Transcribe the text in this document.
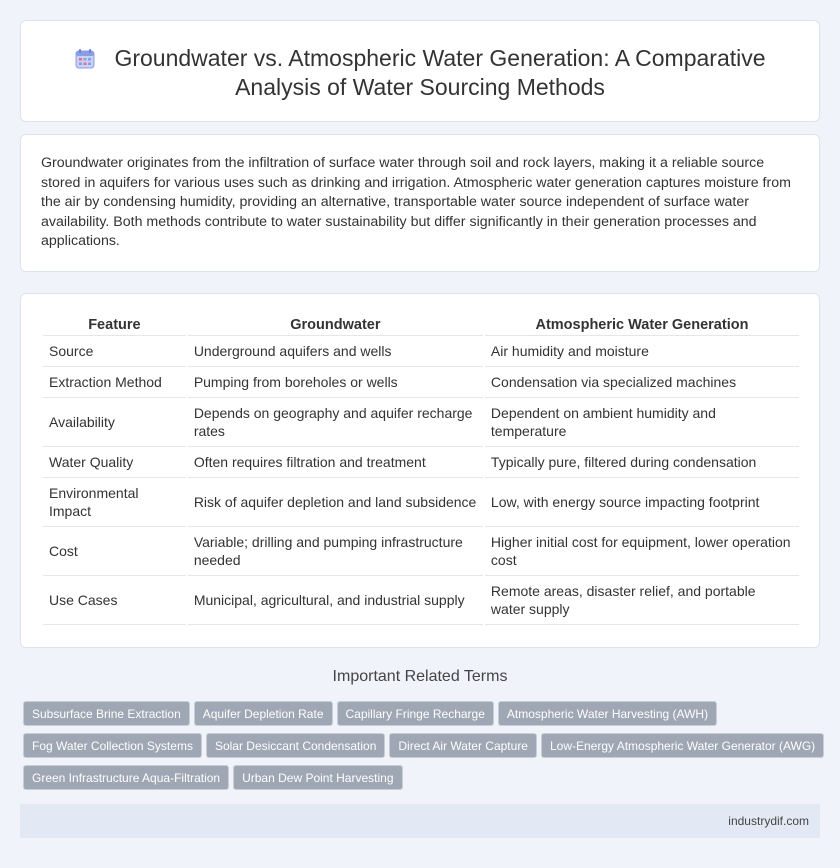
Groundwater vs. Atmospheric Water Generation: A Comparative Analysis of Water Sourcing Methods

Groundwater originates from the infiltration of surface water through soil and rock layers, making it a reliable source stored in aquifers for various uses such as drinking and irrigation. Atmospheric water generation captures moisture from the air by condensing humidity, providing an alternative, transportable water source independent of surface water availability. Both methods contribute to water sustainability but differ significantly in their generation processes and applications.

Feature	Groundwater	Atmospheric Water Generation
Source	Underground aquifers and wells	Air humidity and moisture
Extraction Method	Pumping from boreholes or wells	Condensation via specialized machines
Availability	Depends on geography and aquifer recharge rates	Dependent on ambient humidity and temperature
Water Quality	Often requires filtration and treatment	Typically pure, filtered during condensation
Environmental Impact	Risk of aquifer depletion and land subsidence	Low, with energy source impacting footprint
Cost	Variable; drilling and pumping infrastructure needed	Higher initial cost for equipment, lower operation cost
Use Cases	Municipal, agricultural, and industrial supply	Remote areas, disaster relief, and portable water supply
Important Related Terms
Subsurface Brine Extraction Aquifer Depletion Rate Capillary Fringe Recharge Atmospheric Water Harvesting (AWH)
Fog Water Collection Systems Solar Desiccant Condensation Direct Air Water Capture Low-Energy Atmospheric Water Generator (AWG)
Green Infrastructure Aqua-Filtration Urban Dew Point Harvesting
industrydif.com
